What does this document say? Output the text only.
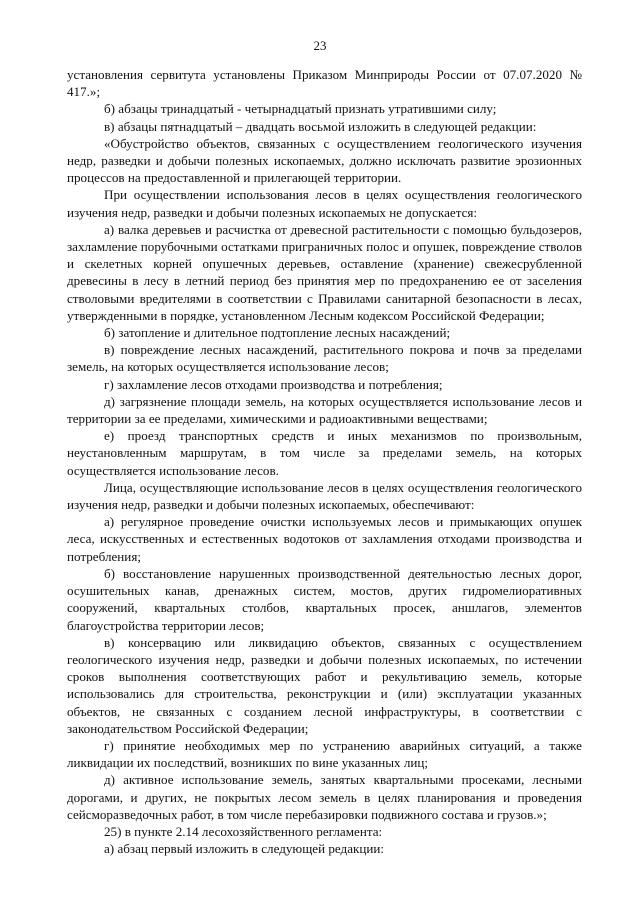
23

установления сервитута установлены Приказом Минприроды России от 07.07.2020 № 417.»;

б) абзацы тринадцатый - четырнадцатый признать утратившими силу;

в) абзацы пятнадцатый – двадцать восьмой изложить в следующей редакции:

«Обустройство объектов, связанных с осуществлением геологического изучения недр, разведки и добычи полезных ископаемых, должно исключать развитие эрозионных процессов на предоставленной и прилегающей территории.

При осуществлении использования лесов в целях осуществления геологического изучения недр, разведки и добычи полезных ископаемых не допускается:

а) валка деревьев и расчистка от древесной растительности с помощью бульдозеров, захламление порубочными остатками приграничных полос и опушек, повреждение стволов и скелетных корней опушечных деревьев, оставление (хранение) свежесрубленной древесины в лесу в летний период без принятия мер по предохранению ее от заселения стволовыми вредителями в соответствии с Правилами санитарной безопасности в лесах, утвержденными в порядке, установленном Лесным кодексом Российской Федерации;

б) затопление и длительное подтопление лесных насаждений;

в) повреждение лесных насаждений, растительного покрова и почв за пределами земель, на которых осуществляется использование лесов;

г) захламление лесов отходами производства и потребления;

д) загрязнение площади земель, на которых осуществляется использование лесов и территории за ее пределами, химическими и радиоактивными веществами;

е) проезд транспортных средств и иных механизмов по произвольным, неустановленным маршрутам, в том числе за пределами земель, на которых осуществляется использование лесов.

Лица, осуществляющие использование лесов в целях осуществления геологического изучения недр, разведки и добычи полезных ископаемых, обеспечивают:

а) регулярное проведение очистки используемых лесов и примыкающих опушек леса, искусственных и естественных водотоков от захламления отходами производства и потребления;

б) восстановление нарушенных производственной деятельностью лесных дорог, осушительных канав, дренажных систем, мостов, других гидромелиоративных сооружений, квартальных столбов, квартальных просек, аншлагов, элементов благоустройства территории лесов;

в) консервацию или ликвидацию объектов, связанных с осуществлением геологического изучения недр, разведки и добычи полезных ископаемых, по истечении сроков выполнения соответствующих работ и рекультивацию земель, которые использовались для строительства, реконструкции и (или) эксплуатации указанных объектов, не связанных с созданием лесной инфраструктуры, в соответствии с законодательством Российской Федерации;

г) принятие необходимых мер по устранению аварийных ситуаций, а также ликвидации их последствий, возникших по вине указанных лиц;

д) активное использование земель, занятых квартальными просеками, лесными дорогами, и других, не покрытых лесом земель в целях планирования и проведения сейсморазведочных работ, в том числе перебазировки подвижного состава и грузов.»;

25) в пункте 2.14 лесохозяйственного регламента:

а) абзац первый изложить в следующей редакции:
